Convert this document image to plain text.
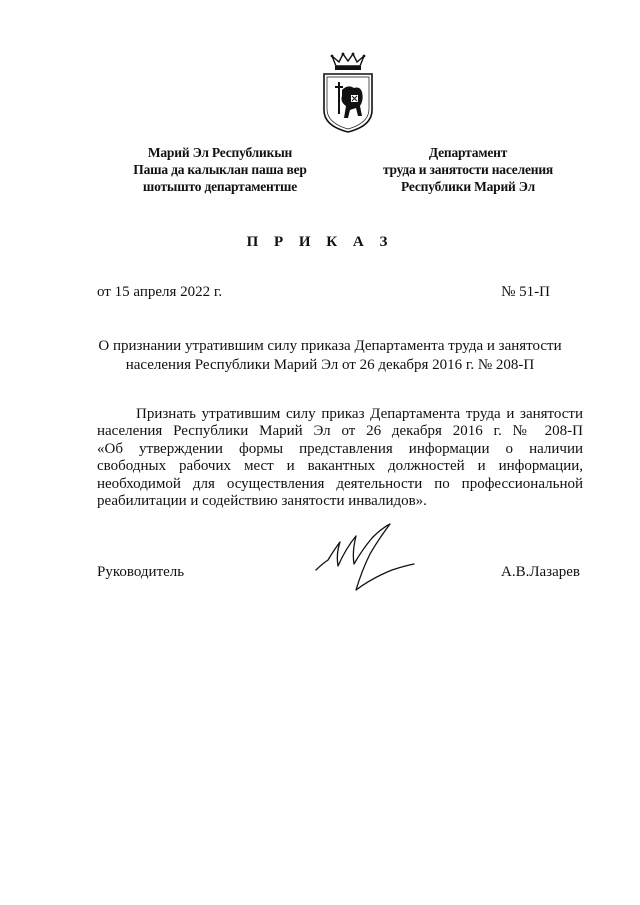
Марий Эл Республикын
Паша да калыклан паша вер
шотышто департаментше
Департамент
труда и занятости населения
Республики Марий Эл
П Р И К А З
от 15 апреля 2022 г.	№ 51-П
О признании утратившим силу приказа Департамента труда и занятости
населения Республики Марий Эл от 26 декабря 2016 г. № 208-П
Признать утратившим силу приказ Департамента труда и занятости
населения Республики Марий Эл от 26 декабря 2016 г. № 208-П
«Об утверждении формы представления информации о наличии
свободных рабочих мест и вакантных должностей и информации,
необходимой для осуществления деятельности по профессиональной
реабилитации и содействию занятости инвалидов».
Руководитель	А.В.Лазарев
